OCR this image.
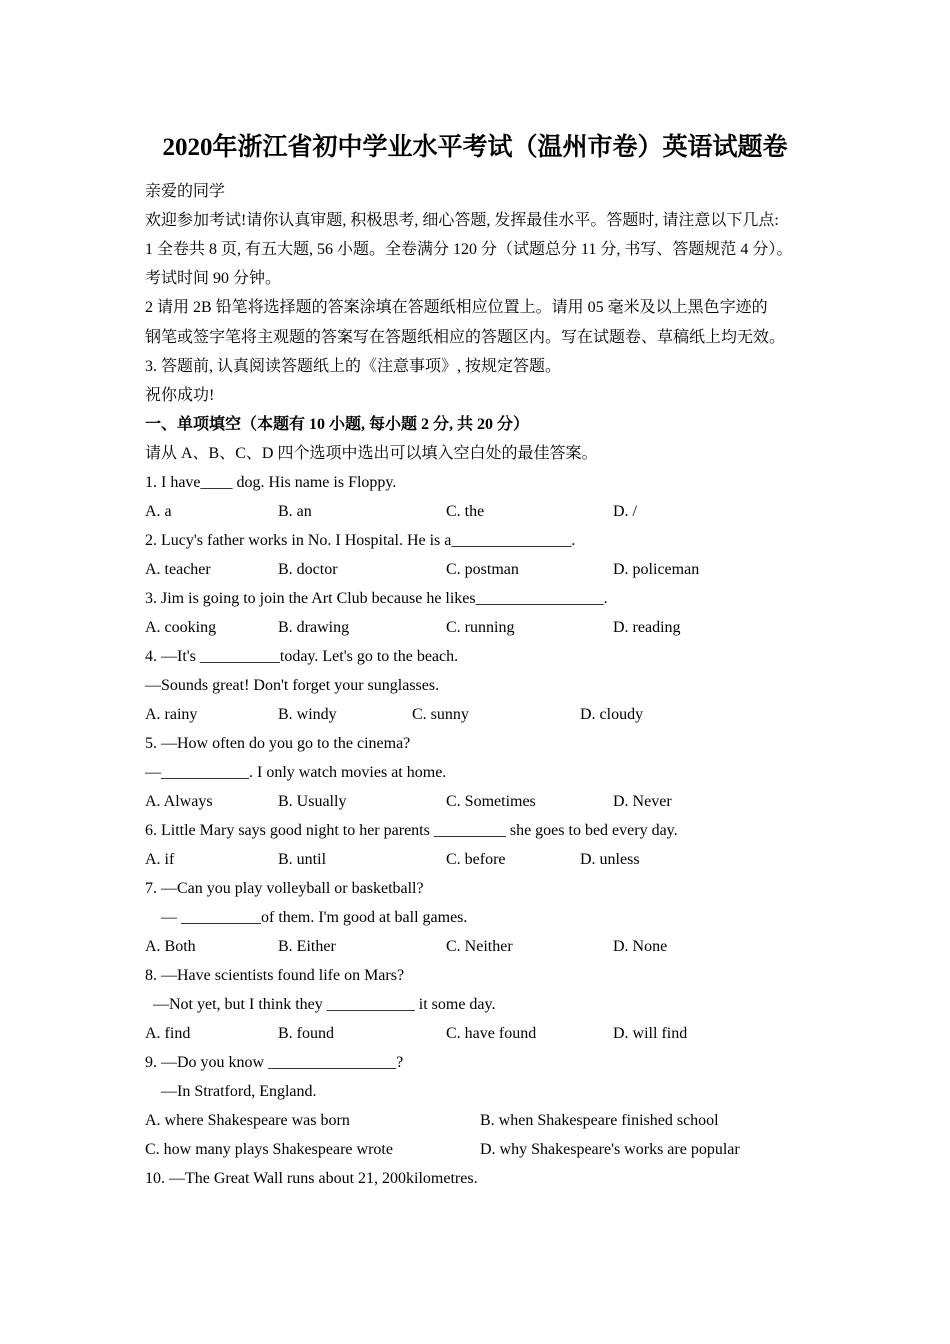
2020年浙江省初中学业水平考试（温州市卷）英语试题卷
亲爱的同学
欢迎参加考试!请你认真审题, 积极思考, 细心答题, 发挥最佳水平。答题时, 请注意以下几点:
1 全卷共 8 页, 有五大题, 56 小题。全卷满分 120 分（试题总分 11 分, 书写、答题规范 4 分）。
考试时间 90 分钟。
2 请用 2B 铅笔将选择题的答案涂填在答题纸相应位置上。请用 05 毫米及以上黑色字迹的
钢笔或签字笔将主观题的答案写在答题纸相应的答题区内。写在试题卷、草稿纸上均无效。
3. 答题前, 认真阅读答题纸上的《注意事项》, 按规定答题。
祝你成功!
一、单项填空（本题有 10 小题, 每小题 2 分, 共 20 分）
请从 A、B、C、D 四个选项中选出可以填入空白处的最佳答案。
1. I have____ dog. His name is Floppy.
A. a	B. an	C. the	D. /
2. Lucy's father works in No. I Hospital. He is a_______________.
A. teacher	B. doctor	C. postman	D. policeman
3. Jim is going to join the Art Club because he likes________________.
A. cooking	B. drawing	C. running	D. reading
4. —It's __________today. Let's go to the beach.
—Sounds great! Don't forget your sunglasses.
A. rainy	B. windy	C. sunny	D. cloudy
5. —How often do you go to the cinema?
—___________. I only watch movies at home.
A. Always	B. Usually	C. Sometimes	D. Never
6. Little Mary says good night to her parents _________ she goes to bed every day.
A. if	B. until	C. before	D. unless
7. —Can you play volleyball or basketball?
— __________of them. I'm good at ball games.
A. Both	B. Either	C. Neither	D. None
8. —Have scientists found life on Mars?
—Not yet, but I think they ___________ it some day.
A. find	B. found	C. have found	D. will find
9. —Do you know ________________?
—In Stratford, England.
A. where Shakespeare was born	B. when Shakespeare finished school
C. how many plays Shakespeare wrote	D. why Shakespeare's works are popular
10. —The Great Wall runs about 21, 200kilometres.
